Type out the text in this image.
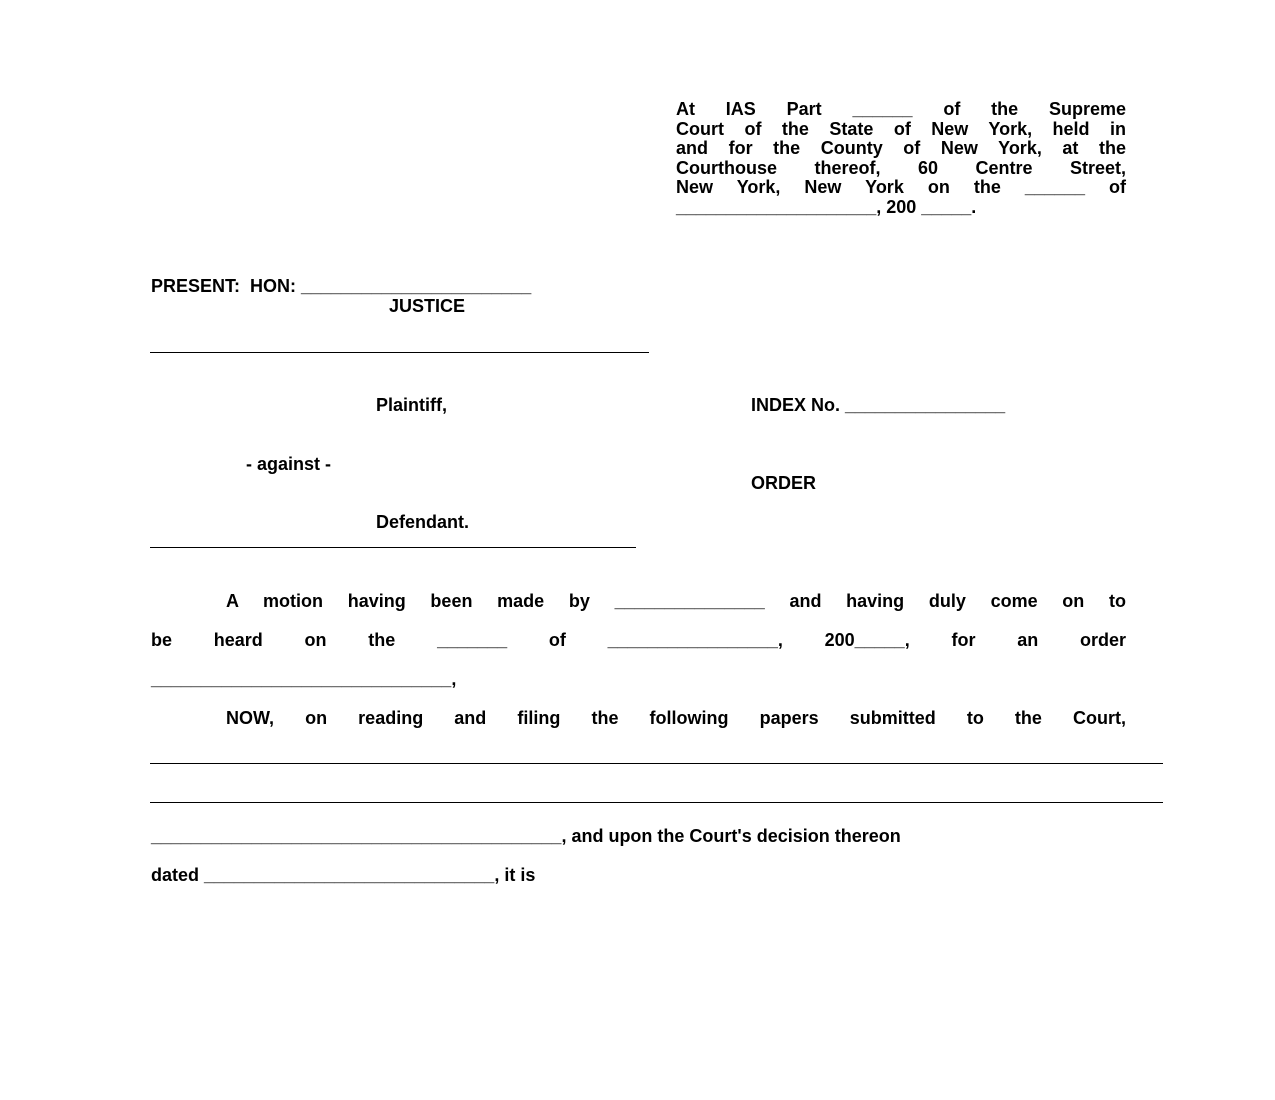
At IAS Part ______ of the Supreme
Court of the State of New York, held in
and for the County of New York, at the
Courthouse thereof, 60 Centre Street,
New York, New York on the ______ of
____________________, 200 _____.

PRESENT:  HON: _______________________

JUSTICE

Plaintiff,

- against -

Defendant.

INDEX No. ________________

ORDER

A motion having been made by _______________ and having duly come on to
be heard on the _______ of _________________, 200_____, for an order

______________________________,

NOW, on reading and filing the following papers submitted to the Court,

_________________________________________, and upon the Court's decision thereon

dated _____________________________, it is
